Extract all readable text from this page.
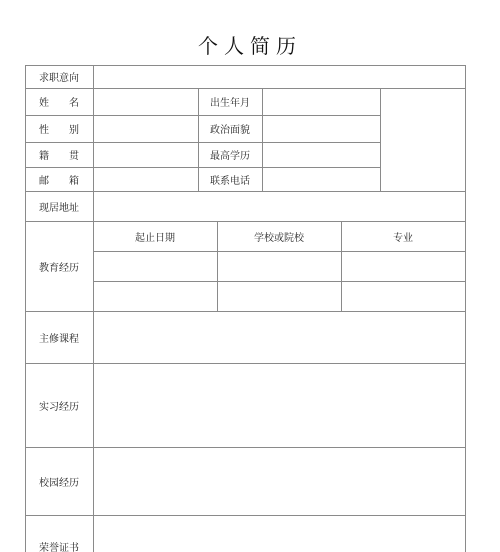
个人简历
求职意向
姓　　名	出生年月
性　　别	政治面貌
籍　　贯	最高学历
邮　　箱	联系电话
现居地址
教育经历
起止日期	学校或院校	专业
主修课程
实习经历
校园经历
荣誉证书
